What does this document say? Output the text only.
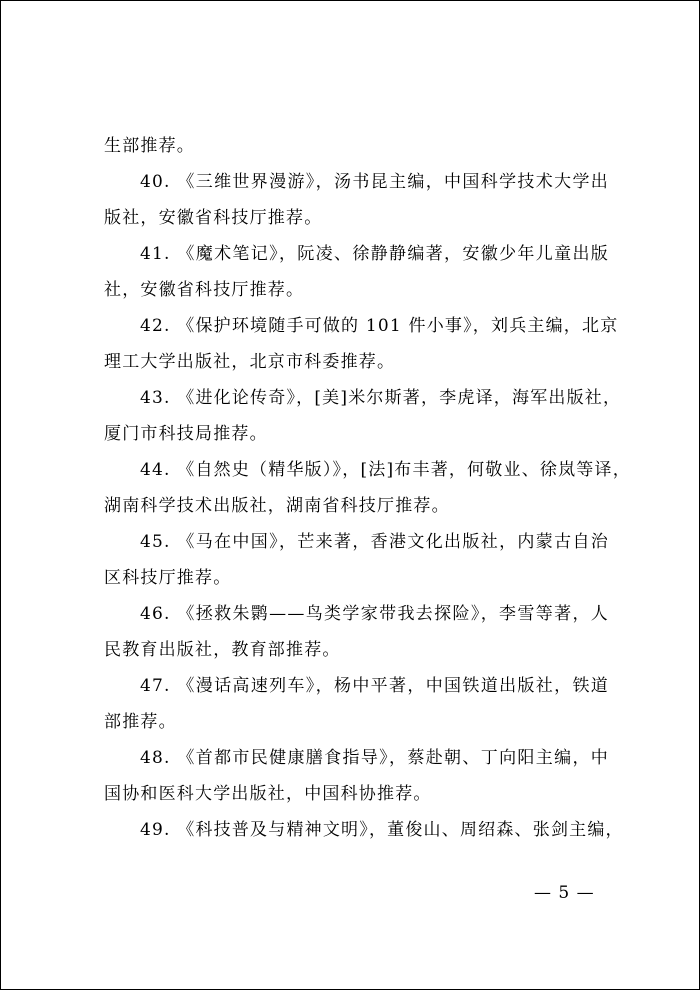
生部推荐。
40. 《三维世界漫游》，汤书昆主编，中国科学技术大学出
版社，安徽省科技厅推荐。
41. 《魔术笔记》，阮凌、徐静静编著，安徽少年儿童出版
社，安徽省科技厅推荐。
42. 《保护环境随手可做的 101 件小事》，刘兵主编，北京
理工大学出版社，北京市科委推荐。
43. 《进化论传奇》，[美]米尔斯著，李虎译，海军出版社，
厦门市科技局推荐。
44. 《自然史（精华版）》，[法]布丰著，何敬业、徐岚等译，
湖南科学技术出版社，湖南省科技厅推荐。
45. 《马在中国》，芒来著，香港文化出版社，内蒙古自治
区科技厅推荐。
46. 《拯救朱鹮——鸟类学家带我去探险》，李雪等著，人
民教育出版社，教育部推荐。
47. 《漫话高速列车》，杨中平著，中国铁道出版社，铁道
部推荐。
48. 《首都市民健康膳食指导》，蔡赴朝、丁向阳主编，中
国协和医科大学出版社，中国科协推荐。
49. 《科技普及与精神文明》，董俊山、周绍森、张剑主编，
— 5 —
